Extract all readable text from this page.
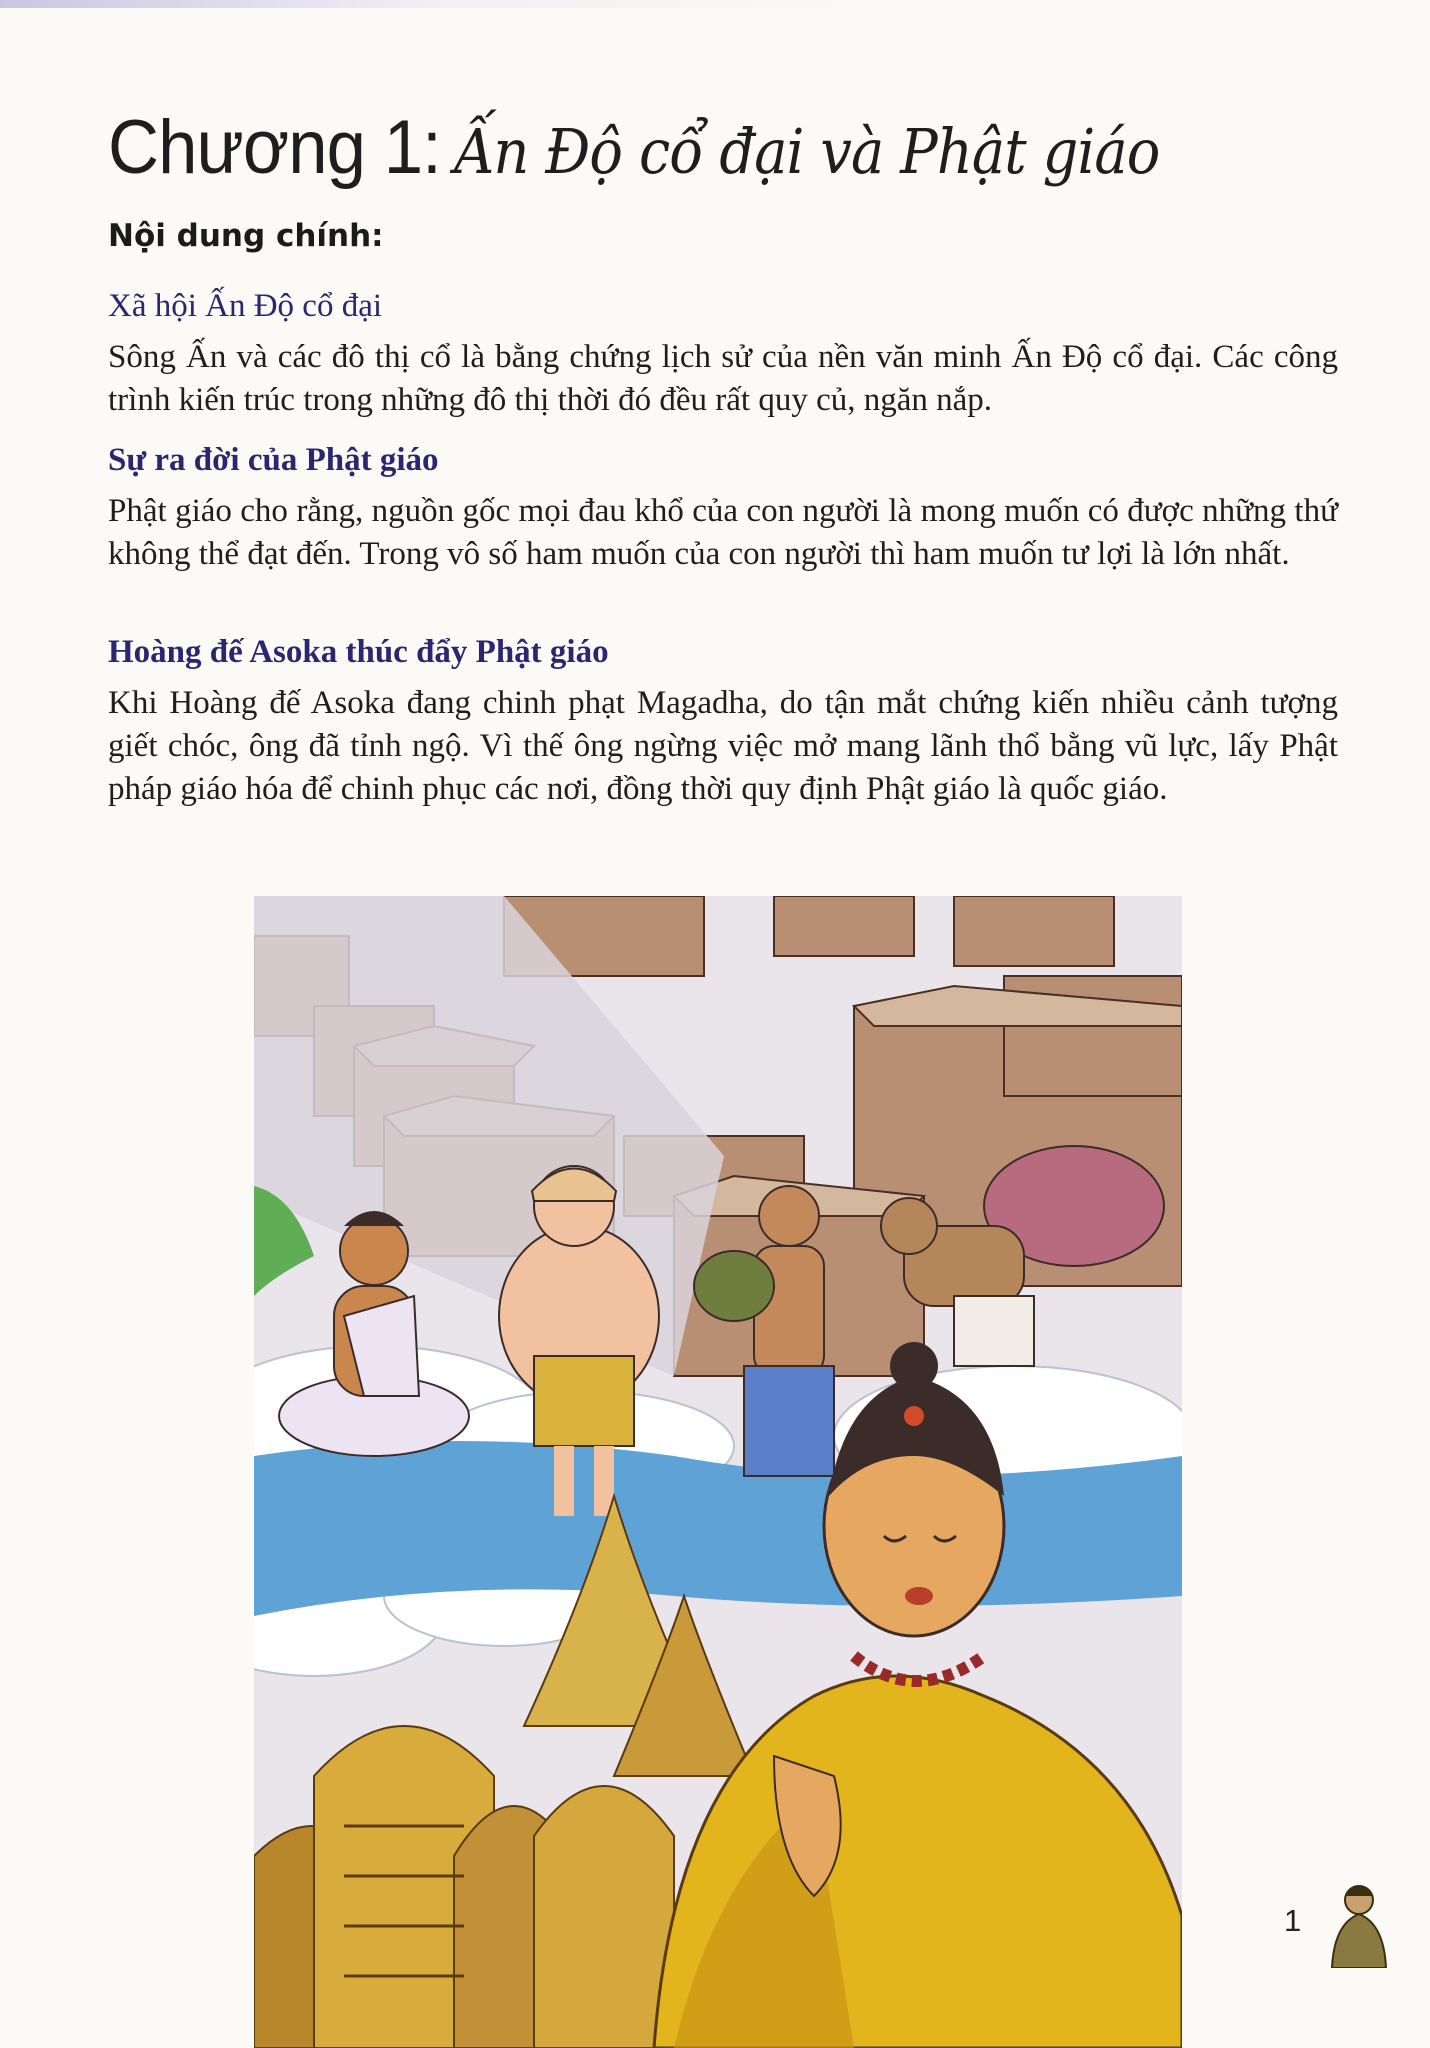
Chương 1: Ấn Độ cổ đại và Phật giáo
Nội dung chính:
Xã hội Ấn Độ cổ đại

Sông Ấn và các đô thị cổ là bằng chứng lịch sử của nền văn minh Ấn Độ cổ đại. Các công trình kiến trúc trong những đô thị thời đó đều rất quy củ, ngăn nắp.

Sự ra đời của Phật giáo

Phật giáo cho rằng, nguồn gốc mọi đau khổ của con người là mong muốn có được những thứ không thể đạt đến. Trong vô số ham muốn của con người thì ham muốn tư lợi là lớn nhất.

Hoàng đế Asoka thúc đẩy Phật giáo

Khi Hoàng đế Asoka đang chinh phạt Magadha, do tận mắt chứng kiến nhiều cảnh tượng giết chóc, ông đã tỉnh ngộ. Vì thế ông ngừng việc mở mang lãnh thổ bằng vũ lực, lấy Phật pháp giáo hóa để chinh phục các nơi, đồng thời quy định Phật giáo là quốc giáo.

1
